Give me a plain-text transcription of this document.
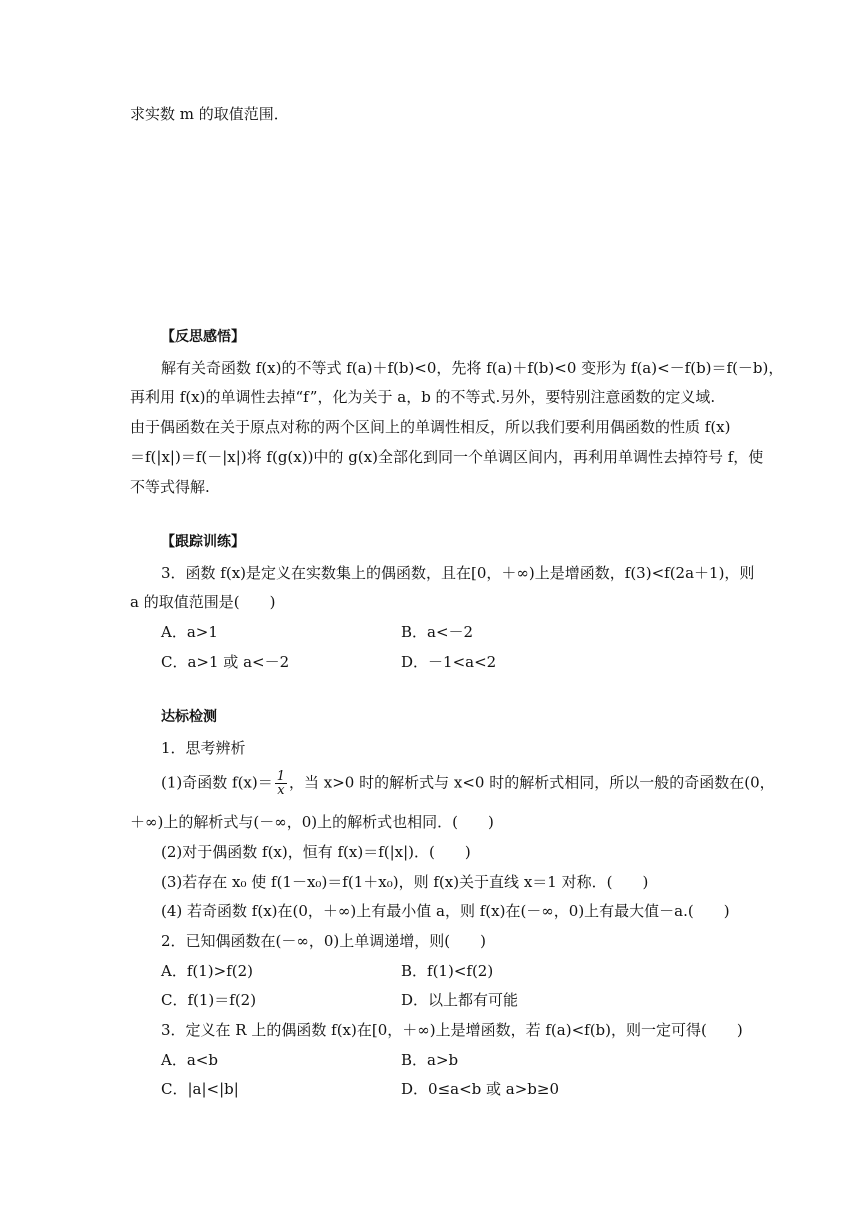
求实数 m 的取值范围．
【反思感悟】
解有关奇函数 f(x)的不等式 f(a)＋f(b)<0，先将 f(a)＋f(b)<0 变形为 f(a)<－f(b)＝f(－b)，
再利用 f(x)的单调性去掉“f”，化为关于 a，b 的不等式.另外，要特别注意函数的定义域.
由于偶函数在关于原点对称的两个区间上的单调性相反，所以我们要利用偶函数的性质 f(x)
＝f(|x|)＝f(－|x|)将 f(g(x))中的 g(x)全部化到同一个单调区间内，再利用单调性去掉符号 f，使
不等式得解.
【跟踪训练】
3．函数 f(x)是定义在实数集上的偶函数，且在[0，＋∞)上是增函数，f(3)<f(2a＋1)，则
a 的取值范围是(　　)
A．a>1	B．a<－2
C．a>1 或 a<－2	D．－1<a<2
达标检测
1．思考辨析
(1)奇函数 $f(x)= \frac{1}{x}$ ，当 x>0 时的解析式与 x<0 时的解析式相同，所以一般的奇函数在(0，
＋∞)上的解析式与(－∞，0)上的解析式也相同．(　　)
(2)对于偶函数 f(x)，恒有 f(x)＝f(|x|)．(　　)
(3)若存在 x₀ 使 f(1－x₀)＝f(1＋x₀)，则 f(x)关于直线 x＝1 对称．(　　)
(4) 若奇函数 f(x)在(0，＋∞)上有最小值 a，则 f(x)在(－∞，0)上有最大值－a.(　　)
2．已知偶函数在(－∞，0)上单调递增，则(　　)
A．f(1)>f(2)	B．f(1)<f(2)
C．f(1)＝f(2)	D．以上都有可能
3．定义在 R 上的偶函数 f(x)在[0，＋∞)上是增函数，若 f(a)<f(b)，则一定可得(　　)
A．a<b	B．a>b
C．|a|<|b|	D．0≤a<b 或 a>b≥0
